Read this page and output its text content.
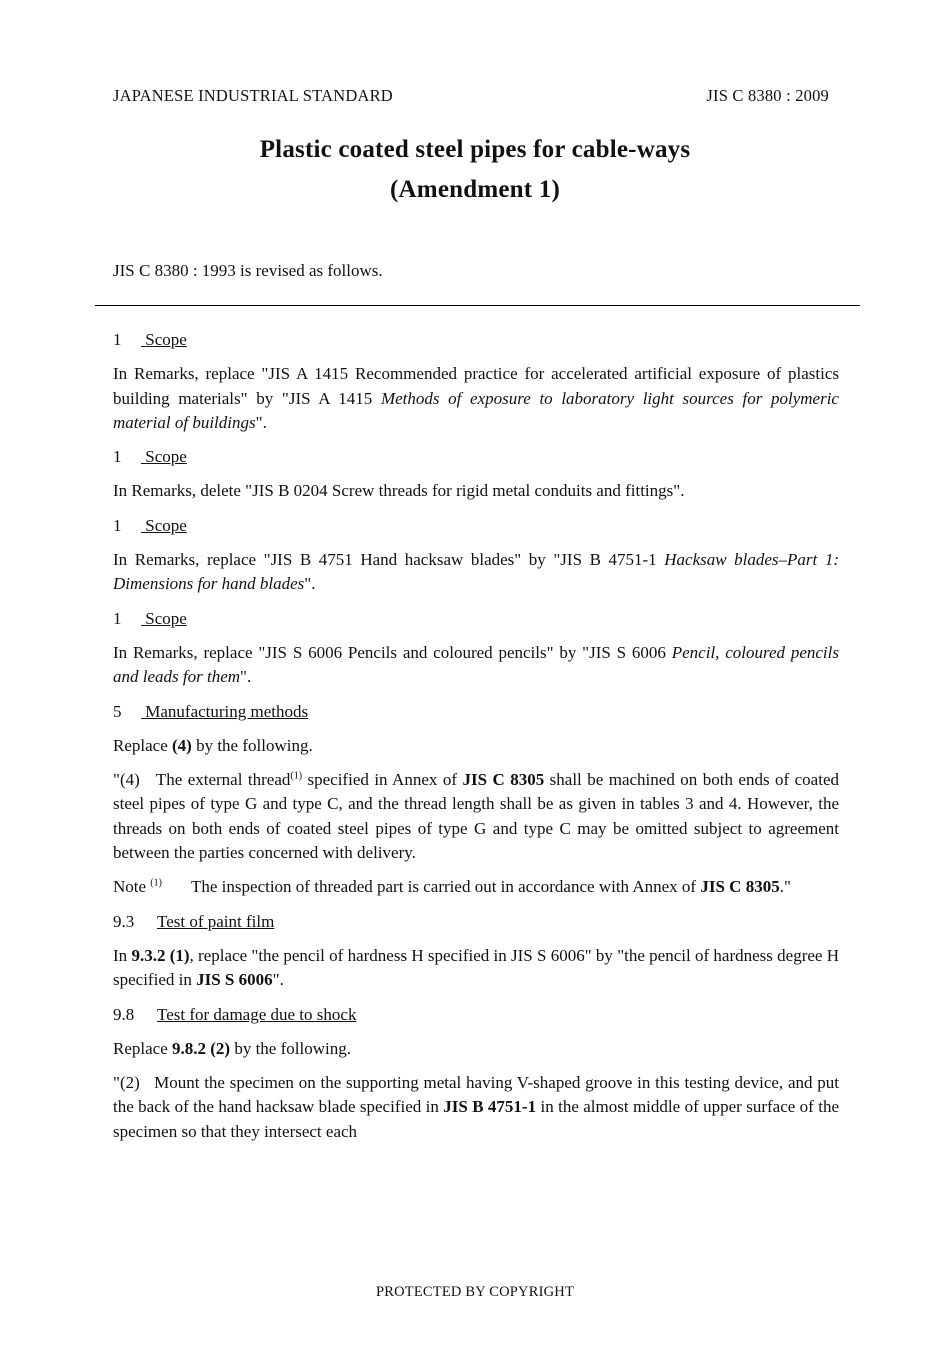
JAPANESE INDUSTRIAL STANDARD	JIS C 8380 : 2009
Plastic coated steel pipes for cable-ways
(Amendment 1)
JIS C 8380 : 1993 is revised as follows.

1 Scope

In Remarks, replace "JIS A 1415 Recommended practice for accelerated artificial exposure of plastics building materials" by "JIS A 1415 Methods of exposure to laboratory light sources for polymeric material of buildings".

1 Scope

In Remarks, delete "JIS B 0204 Screw threads for rigid metal conduits and fittings".

1 Scope

In Remarks, replace "JIS B 4751 Hand hacksaw blades" by "JIS B 4751-1 Hacksaw blades–Part 1: Dimensions for hand blades".

1 Scope

In Remarks, replace "JIS S 6006 Pencils and coloured pencils" by "JIS S 6006 Pencil, coloured pencils and leads for them".

5 Manufacturing methods

Replace (4) by the following.

"(4)   The external thread$^{(1)}$ specified in Annex of JIS C 8305 shall be machined on both ends of coated steel pipes of type G and type C, and the thread length shall be as given in tables 3 and 4. However, the threads on both ends of coated steel pipes of type G and type C may be omitted subject to agreement between the parties concerned with delivery.

Note $^{(1)}$	The inspection of threaded part is carried out in accordance with Annex of JIS C 8305."

9.3 Test of paint film

In 9.3.2 (1), replace "the pencil of hardness H specified in JIS S 6006" by "the pencil of hardness degree H specified in JIS S 6006".

9.8 Test for damage due to shock

Replace 9.8.2 (2) by the following.

"(2)   Mount the specimen on the supporting metal having V-shaped groove in this testing device, and put the back of the hand hacksaw blade specified in JIS B 4751-1 in the almost middle of upper surface of the specimen so that they intersect each

PROTECTED BY COPYRIGHT
